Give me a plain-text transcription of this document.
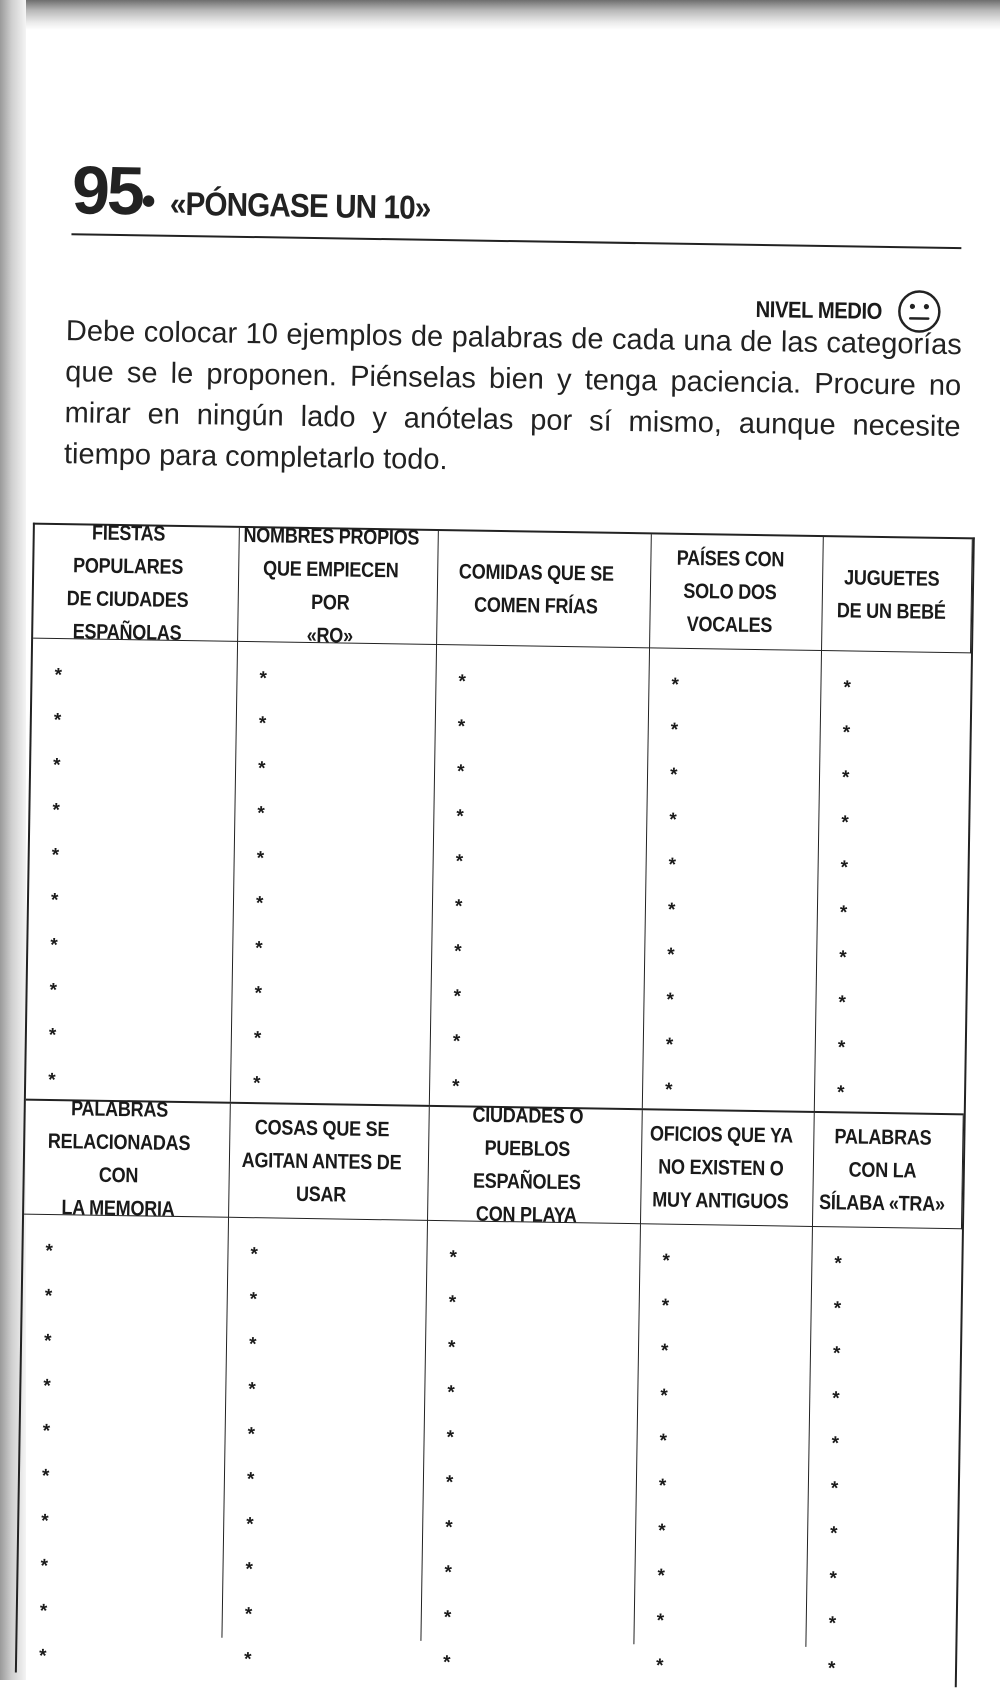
95
• «PÓNGASE UN 10»
NIVEL MEDIO

Debe colocar 10 ejemplos de palabras de cada una de las categorías que se le proponen. Piénselas bien y tenga paciencia. Procure no mirar en ningún lado y anótelas por sí mismo, aunque necesite tiempo para completarlo todo.

FIESTAS POPULARES
DE CIUDADES
ESPAÑOLAS
NOMBRES PROPIOS
QUE EMPIECEN POR
«RO»
COMIDAS QUE SE
COMEN FRÍAS
PAÍSES CON
SOLO DOS
VOCALES
JUGUETES
DE UN BEBÉ
*
*
*
*
*
*
*
*
*
*
*
*
*
*
*
*
*
*
*
*
*
*
*
*
*
*
*
*
*
*
*
*
*
*
*
*
*
*
*
*
*
*
*
*
*
*
*
*
*
*
PALABRAS
RELACIONADAS CON
LA MEMORIA
COSAS QUE SE
AGITAN ANTES DE
USAR
CIUDADES O
PUEBLOS ESPAÑOLES
CON PLAYA
OFICIOS QUE YA
NO EXISTEN O
MUY ANTIGUOS
PALABRAS
CON LA
SÍLABA «TRA»
*
*
*
*
*
*
*
*
*
*
*
*
*
*
*
*
*
*
*
*
*
*
*
*
*
*
*
*
*
*
*
*
*
*
*
*
*
*
*
*
*
*
*
*
*
*
*
*
*
*
